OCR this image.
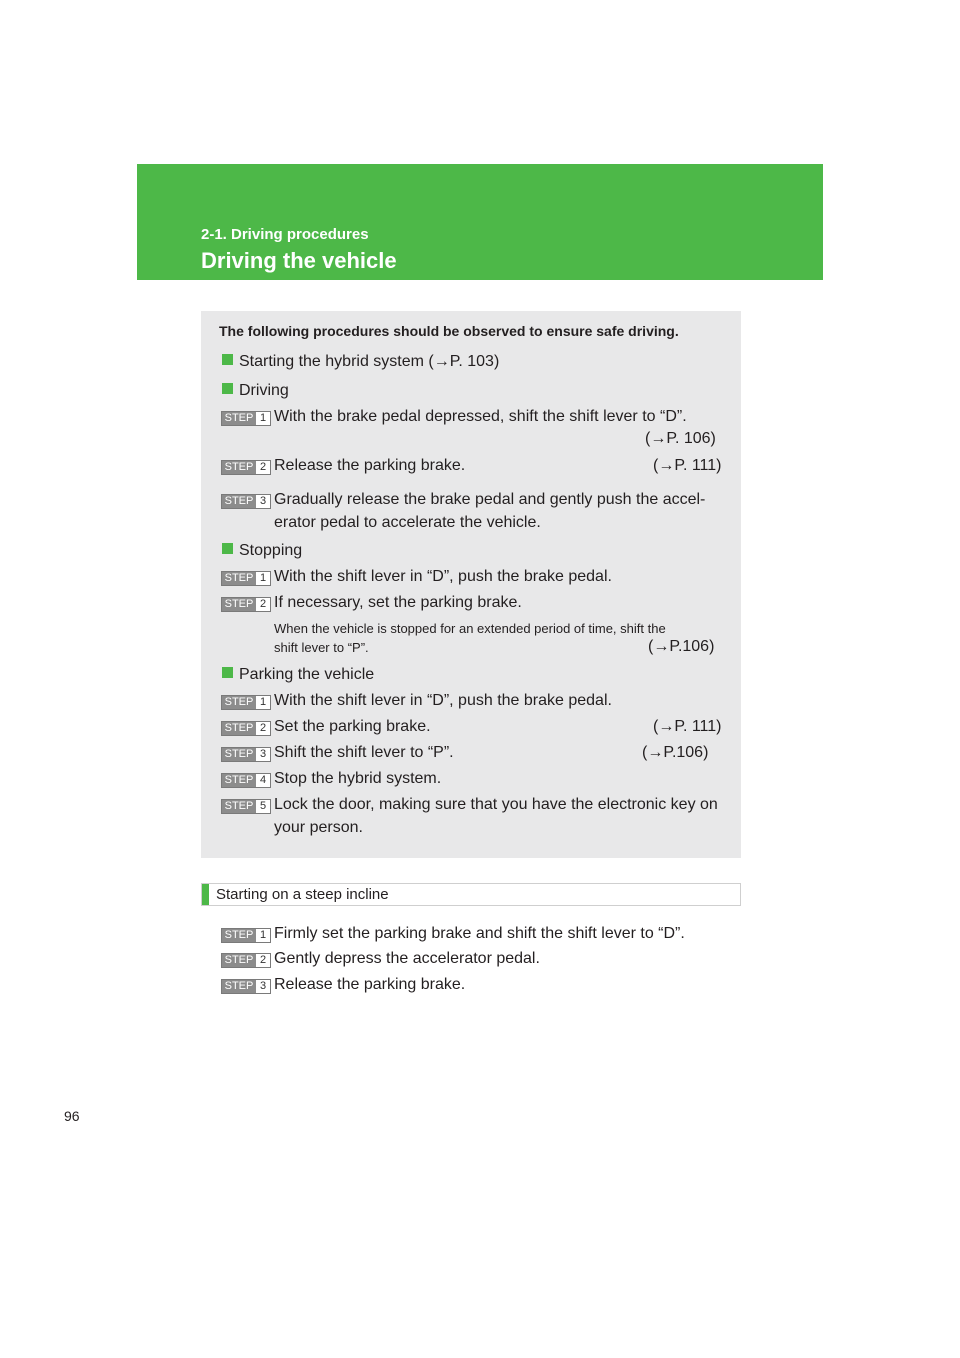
2-1. Driving procedures
Driving the vehicle
The following procedures should be observed to ensure safe driving.
Starting the hybrid system (→P. 103)
Driving
STEP 1 With the brake pedal depressed, shift the shift lever to “D”.
(→P. 106)
STEP 2 Release the parking brake.	(→P. 111)
STEP 3 Gradually release the brake pedal and gently push the accel-
erator pedal to accelerate the vehicle.
Stopping
STEP 1 With the shift lever in “D”, push the brake pedal.
STEP 2 If necessary, set the parking brake.
When the vehicle is stopped for an extended period of time, shift the
shift lever to “P”.	(→P.106)
Parking the vehicle
STEP 1 With the shift lever in “D”, push the brake pedal.
STEP 2 Set the parking brake.	(→P. 111)
STEP 3 Shift the shift lever to “P”.	(→P.106)
STEP 4 Stop the hybrid system.
STEP 5 Lock the door, making sure that you have the electronic key on
your person.
Starting on a steep incline
STEP 1 Firmly set the parking brake and shift the shift lever to “D”.
STEP 2 Gently depress the accelerator pedal.
STEP 3 Release the parking brake.
96
